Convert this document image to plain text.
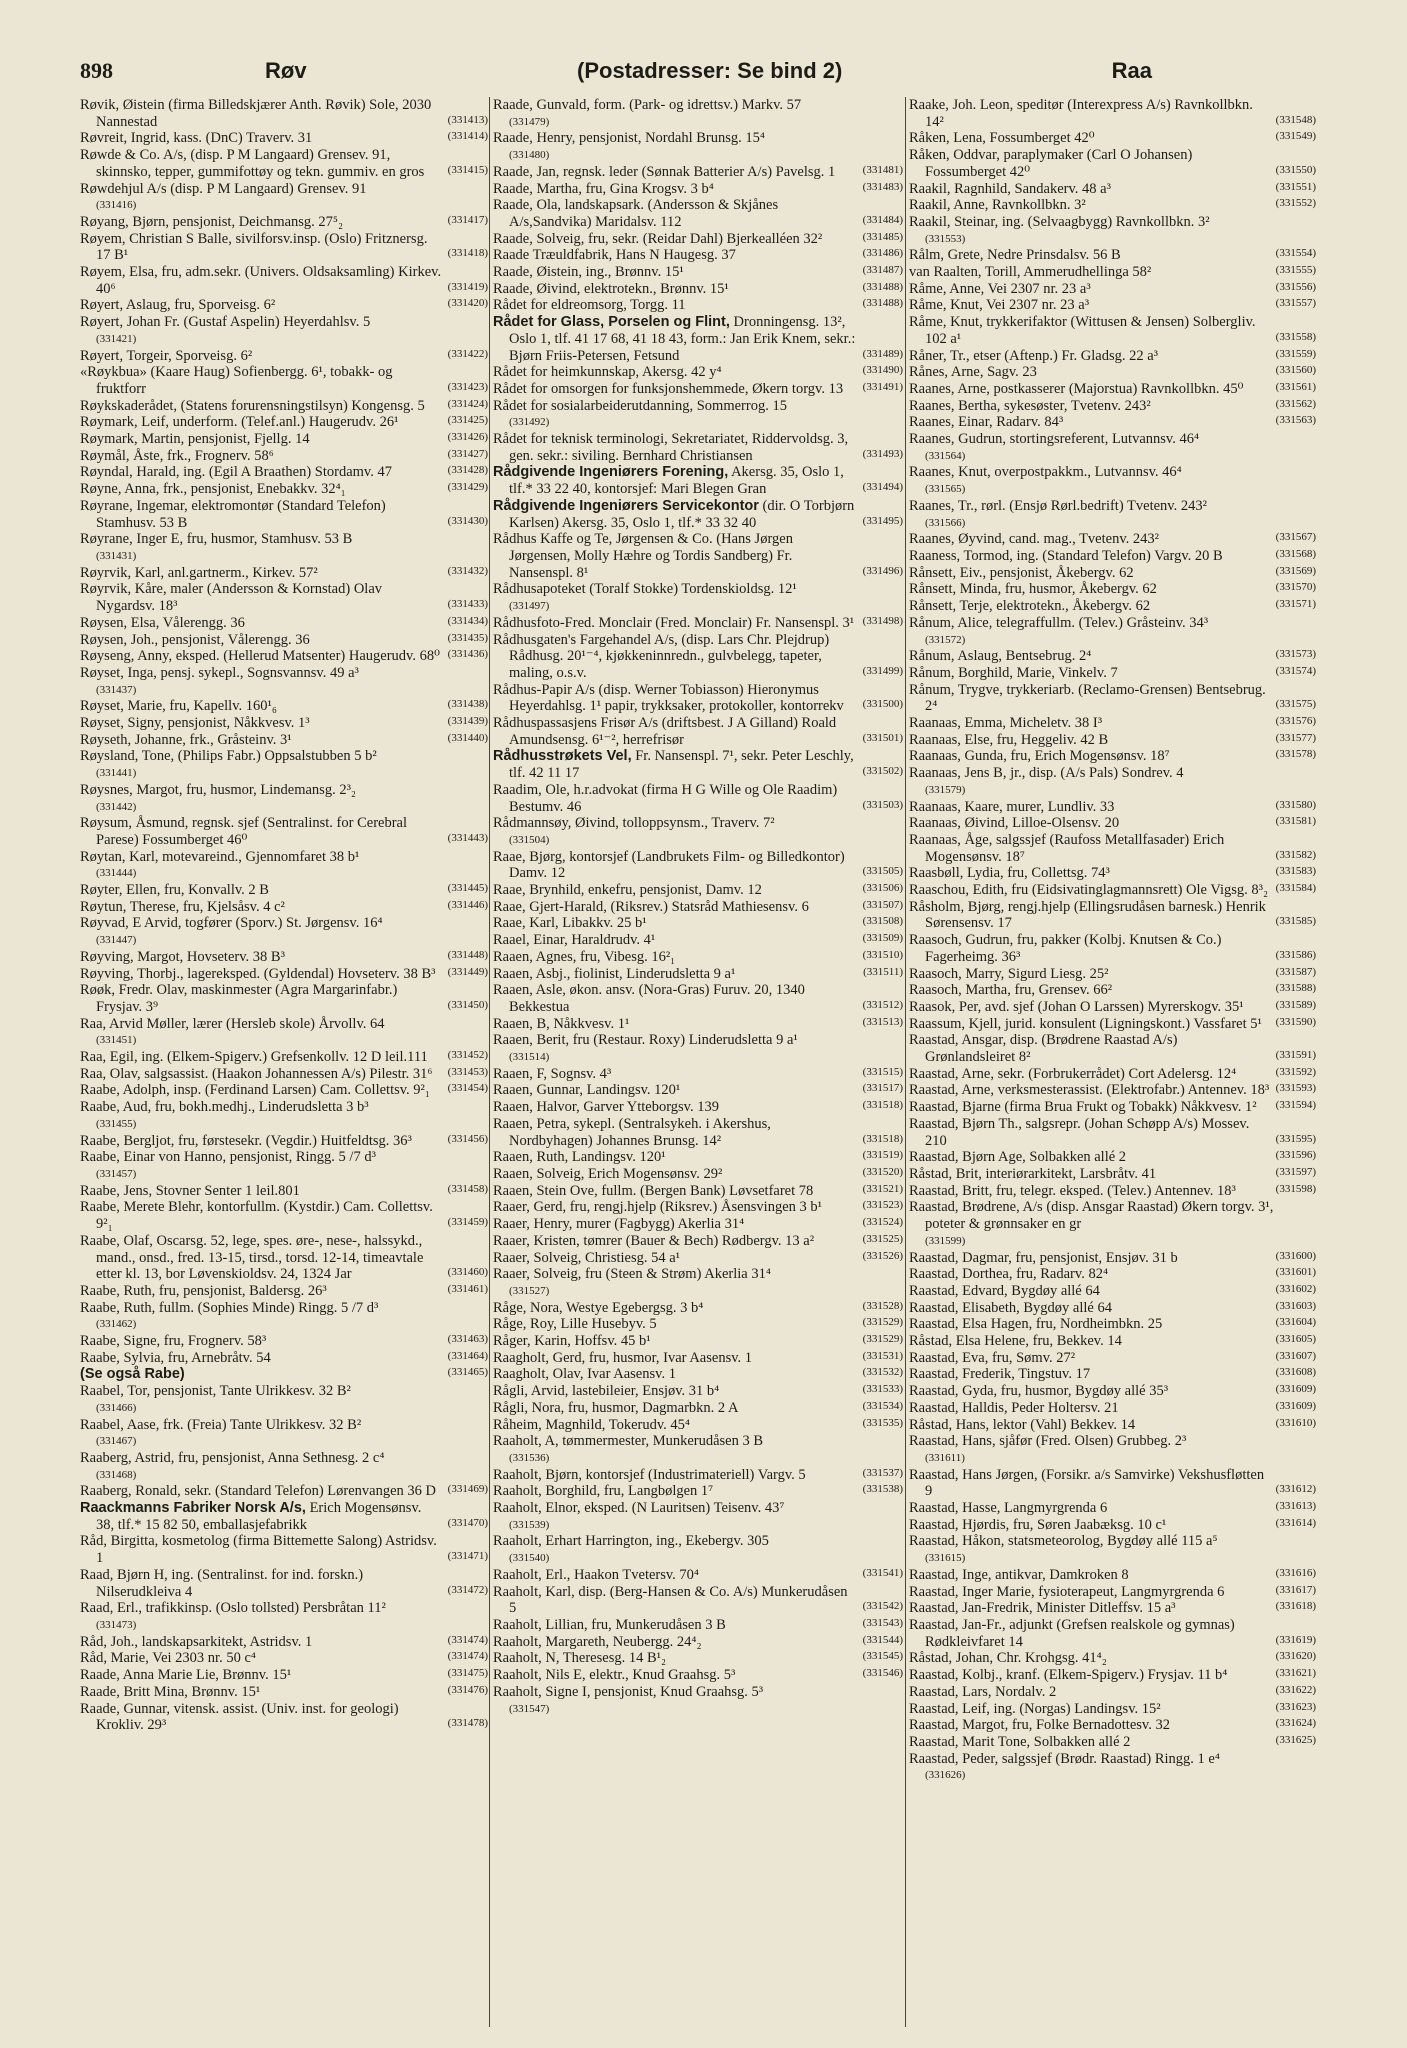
898	Røv	(Postadresser: Se bind 2)	Raa
Røvik, Øistein (firma Billedskjærer Anth. Røvik) Sole, 2030 Nannestad	(331413)
Røvreit, Ingrid, kass. (DnC) Traverv. 31	(331414)
Røwde & Co. A/s, (disp. P M Langaard) Grensev. 91, skinnsko, tepper, gummifottøy og tekn. gummiv. en gros (331415)
Røwdehjul A/s (disp. P M Langaard) Grensev. 91
(331416)
Røyang, Bjørn, pensjonist, Deichmansg. 27⁵₂	(331417)
Røyem, Christian S Balle, sivilforsv.insp. (Oslo) Fritznersg. 17 B¹	(331418)
Røyem, Elsa, fru, adm.sekr. (Univers. Oldsaksamling) Kirkev. 40⁶	(331419)
Røyert, Aslaug, fru, Sporveisg. 6²	(331420)
Røyert, Johan Fr. (Gustaf Aspelin) Heyerdahlsv. 5
(331421)
Røyert, Torgeir, Sporveisg. 6²	(331422)
«Røykbua» (Kaare Haug) Sofienbergg. 6¹, tobakk- og fruktforr	(331423)
Røykskaderådet, (Statens forurensningstilsyn) Kongensg. 5 (331424)
Røymark, Leif, underform. (Telef.anl.) Haugerudv. 26¹	(331425)
Røymark, Martin, pensjonist, Fjellg. 14	(331426)
Røymål, Åste, frk., Frognerv. 58⁶	(331427)
Røyndal, Harald, ing. (Egil A Braathen) Stordamv. 47	(331428)
Røyne, Anna, frk., pensjonist, Enebakkv. 32⁴₁	(331429)
Røyrane, Ingemar, elektromontør (Standard Telefon) Stamhusv. 53 B	(331430)
Røyrane, Inger E, fru, husmor, Stamhusv. 53 B
(331431)
Røyrvik, Karl, anl.gartnerm., Kirkev. 57²	(331432)
Røyrvik, Kåre, maler (Andersson & Kornstad) Olav Nygardsv. 18³	(331433)
Røysen, Elsa, Vålerengg. 36	(331434)
Røysen, Joh., pensjonist, Vålerengg. 36	(331435)
Røyseng, Anny, eksped. (Hellerud Matsenter) Haugerudv. 68⁰ (331436)
Røyset, Inga, pensj. sykepl., Sognsvannsv. 49 a³
(331437)
Røyset, Marie, fru, Kapellv. 160¹₆	(331438)
Røyset, Signy, pensjonist, Nåkkvesv. 1³	(331439)
Røyseth, Johanne, frk., Gråsteinv. 3¹	(331440)
Røysland, Tone, (Philips Fabr.) Oppsalstubben 5 b²
(331441)
Røysnes, Margot, fru, husmor, Lindemansg. 2³₂
(331442)
Røysum, Åsmund, regnsk. sjef (Sentralinst. for Cerebral Parese) Fossumberget 46⁰	(331443)
Røytan, Karl, motevareind., Gjennomfaret 38 b¹
(331444)
Røyter, Ellen, fru, Konvallv. 2 B	(331445)
Røytun, Therese, fru, Kjelsåsv. 4 c²	(331446)
Røyvad, E Arvid, togfører (Sporv.) St. Jørgensv. 16⁴
(331447)
Røyving, Margot, Hovseterv. 38 B³	(331448)
Røyving, Thorbj., lagereksped. (Gyldendal) Hovseterv. 38 B³ (331449)
Røøk, Fredr. Olav, maskinmester (Agra Margarinfabr.) Frysjav. 3⁹	(331450)
Raa, Arvid Møller, lærer (Hersleb skole) Årvollv. 64
(331451)
Raa, Egil, ing. (Elkem-Spigerv.) Grefsenkollv. 12 D leil.111 (331452)
Raa, Olav, salgsassist. (Haakon Johannessen A/s) Pilestr. 31⁶ (331453)
Raabe, Adolph, insp. (Ferdinand Larsen) Cam. Collettsv. 9²₁ (331454)
Raabe, Aud, fru, bokh.medhj., Linderudsletta 3 b³
(331455)
Raabe, Bergljot, fru, førstesekr. (Vegdir.) Huitfeldtsg. 36³	(331456)
Raabe, Einar von Hanno, pensjonist, Ringg. 5 /7 d³
(331457)
Raabe, Jens, Stovner Senter 1 leil.801	(331458)
Raabe, Merete Blehr, kontorfullm. (Kystdir.) Cam. Collettsv. 9²₁	(331459)
Raabe, Olaf, Oscarsg. 52, lege, spes. øre-, nese-, halssykd., mand., onsd., fred. 13-15, tirsd., torsd. 12-14, timeavtale etter kl. 13, bor Løvenskioldsv. 24, 1324 Jar	(331460)
Raabe, Ruth, fru, pensjonist, Baldersg. 26³	(331461)
Raabe, Ruth, fullm. (Sophies Minde) Ringg. 5 /7 d³
(331462)
Raabe, Signe, fru, Frognerv. 58³	(331463)
Raabe, Sylvia, fru, Arnebråtv. 54	(331464)
(Se også Rabe)	(331465)
Raabel, Tor, pensjonist, Tante Ulrikkesv. 32 B²
(331466)
Raabel, Aase, frk. (Freia) Tante Ulrikkesv. 32 B²
(331467)
Raaberg, Astrid, fru, pensjonist, Anna Sethnesg. 2 c⁴
(331468)
Raaberg, Ronald, sekr. (Standard Telefon) Lørenvangen 36 D (331469)
Raackmanns Fabriker Norsk A/s, Erich Mogensønsv. 38, tlf.* 15 82 50, emballasjefabrikk	(331470)
Råd, Birgitta, kosmetolog (firma Bittemette Salong) Astridsv. 1	(331471)
Raad, Bjørn H, ing. (Sentralinst. for ind. forskn.) Nilserudkleiva 4	(331472)
Raad, Erl., trafikkinsp. (Oslo tollsted) Persbråtan 11²
(331473)
Råd, Joh., landskapsarkitekt, Astridsv. 1	(331474)
Råd, Marie, Vei 2303 nr. 50 c⁴	(331474)
Raade, Anna Marie Lie, Brønnv. 15¹	(331475)
Raade, Britt Mina, Brønnv. 15¹	(331476)
Raade, Gunnar, vitensk. assist. (Univ. inst. for geologi) Krokliv. 29³	(331478)
Raade, Gunvald, form. (Park- og idrettsv.) Markv. 57
(331479)
Raade, Henry, pensjonist, Nordahl Brunsg. 15⁴
(331480)
Raade, Jan, regnsk. leder (Sønnak Batterier A/s) Pavelsg. 1 (331481)
Raade, Martha, fru, Gina Krogsv. 3 b⁴	(331483)
Raade, Ola, landskapsark. (Andersson & Skjånes A/s,Sandvika) Maridalsv. 112	(331484)
Raade, Solveig, fru, sekr. (Reidar Dahl) Bjerkealléen 32²	(331485)
Raade Træuldfabrik, Hans N Haugesg. 37	(331486)
Raade, Øistein, ing., Brønnv. 15¹	(331487)
Raade, Øivind, elektrotekn., Brønnv. 15¹	(331488)
Rådet for eldreomsorg, Torgg. 11	(331488)
Rådet for Glass, Porselen og Flint, Dronningensg. 13², Oslo 1, tlf. 41 17 68, 41 18 43, form.: Jan Erik Knem, sekr.: Bjørn Friis-Petersen, Fetsund	(331489)
Rådet for heimkunnskap, Akersg. 42 y⁴	(331490)
Rådet for omsorgen for funksjonshemmede, Økern torgv. 13 (331491)
Rådet for sosialarbeiderutdanning, Sommerrog. 15
(331492)
Rådet for teknisk terminologi, Sekretariatet, Riddervoldsg. 3, gen. sekr.: siviling. Bernhard Christiansen	(331493)
Rådgivende Ingeniørers Forening, Akersg. 35, Oslo 1, tlf.* 33 22 40, kontorsjef: Mari Blegen Gran	(331494)
Rådgivende Ingeniørers Servicekontor (dir. O Torbjørn Karlsen) Akersg. 35, Oslo 1, tlf.* 33 32 40	(331495)
Rådhus Kaffe og Te, Jørgensen & Co. (Hans Jørgen Jørgensen, Molly Hæhre og Tordis Sandberg) Fr. Nansenspl. 8¹	(331496)
Rådhusapoteket (Toralf Stokke) Tordenskioldsg. 12¹
(331497)
Rådhusfoto-Fred. Monclair (Fred. Monclair) Fr. Nansenspl. 3¹ (331498)
Rådhusgaten's Fargehandel A/s, (disp. Lars Chr. Plejdrup) Rådhusg. 20¹⁻⁴, kjøkkeninnredn., gulvbelegg, tapeter, maling, o.s.v.	(331499)
Rådhus-Papir A/s (disp. Werner Tobiasson) Hieronymus Heyerdahlsg. 1¹ papir, trykksaker, protokoller, kontorrekv (331500)
Rådhuspassasjens Frisør A/s (driftsbest. J A Gilland) Roald Amundsensg. 6¹⁻², herrefrisør	(331501)
Rådhusstrøkets Vel, Fr. Nansenspl. 7¹, sekr. Peter Leschly, tlf. 42 11 17	(331502)
Raadim, Ole, h.r.advokat (firma H G Wille og Ole Raadim) Bestumv. 46	(331503)
Rådmannsøy, Øivind, tolloppsynsm., Traverv. 7²
(331504)
Raae, Bjørg, kontorsjef (Landbrukets Film- og Billedkontor) Damv. 12	(331505)
Raae, Brynhild, enkefru, pensjonist, Damv. 12	(331506)
Raae, Gjert-Harald, (Riksrev.) Statsråd Mathiesensv. 6	(331507)
Raae, Karl, Libakkv. 25 b¹	(331508)
Raael, Einar, Haraldrudv. 4¹	(331509)
Raaen, Agnes, fru, Vibesg. 16²₁	(331510)
Raaen, Asbj., fiolinist, Linderudsletta 9 a¹	(331511)
Raaen, Asle, økon. ansv. (Nora-Gras) Furuv. 20, 1340 Bekkestua	(331512)
Raaen, B, Nåkkvesv. 1¹	(331513)
Raaen, Berit, fru (Restaur. Roxy) Linderudsletta 9 a¹
(331514)
Raaen, F, Sognsv. 4³	(331515)
Raaen, Gunnar, Landingsv. 120¹	(331517)
Raaen, Halvor, Garver Ytteborgsv. 139	(331518)
Raaen, Petra, sykepl. (Sentralsykeh. i Akershus, Nordbyhagen) Johannes Brunsg. 14²	(331518)
Raaen, Ruth, Landingsv. 120¹	(331519)
Raaen, Solveig, Erich Mogensønsv. 29²	(331520)
Raaen, Stein Ove, fullm. (Bergen Bank) Løvsetfaret 78	(331521)
Raaer, Gerd, fru, rengj.hjelp (Riksrev.) Åsensvingen 3 b¹	(331523)
Raaer, Henry, murer (Fagbygg) Akerlia 31⁴	(331524)
Raaer, Kristen, tømrer (Bauer & Bech) Rødbergv. 13 a²	(331525)
Raaer, Solveig, Christiesg. 54 a¹	(331526)
Raaer, Solveig, fru (Steen & Strøm) Akerlia 31⁴
(331527)
Råge, Nora, Westye Egebergsg. 3 b⁴	(331528)
Råge, Roy, Lille Husebyv. 5	(331529)
Råger, Karin, Hoffsv. 45 b¹	(331529)
Raagholt, Gerd, fru, husmor, Ivar Aasensv. 1	(331531)
Raagholt, Olav, Ivar Aasensv. 1	(331532)
Rågli, Arvid, lastebileier, Ensjøv. 31 b⁴	(331533)
Rågli, Nora, fru, husmor, Dagmarbkn. 2 A	(331534)
Råheim, Magnhild, Tokerudv. 45⁴	(331535)
Raaholt, A, tømmermester, Munkerudåsen 3 B
(331536)
Raaholt, Bjørn, kontorsjef (Industrimateriell) Vargv. 5	(331537)
Raaholt, Borghild, fru, Langbølgen 1⁷	(331538)
Raaholt, Elnor, eksped. (N Lauritsen) Teisenv. 43⁷
(331539)
Raaholt, Erhart Harrington, ing., Ekebergv. 305
(331540)
Raaholt, Erl., Haakon Tvetersv. 70⁴	(331541)
Raaholt, Karl, disp. (Berg-Hansen & Co. A/s) Munkerudåsen 5	(331542)
Raaholt, Lillian, fru, Munkerudåsen 3 B	(331543)
Raaholt, Margareth, Neubergg. 24⁴₂	(331544)
Raaholt, N, Theresesg. 14 B¹₂	(331545)
Raaholt, Nils E, elektr., Knud Graahsg. 5³	(331546)
Raaholt, Signe I, pensjonist, Knud Graahsg. 5³
(331547)
Raake, Joh. Leon, speditør (Interexpress A/s) Ravnkollbkn. 14²	(331548)
Råken, Lena, Fossumberget 42⁰	(331549)
Råken, Oddvar, paraplymaker (Carl O Johansen) Fossumberget 42⁰	(331550)
Raakil, Ragnhild, Sandakerv. 48 a³	(331551)
Raakil, Anne, Ravnkollbkn. 3²	(331552)
Raakil, Steinar, ing. (Selvaagbygg) Ravnkollbkn. 3²
(331553)
Rålm, Grete, Nedre Prinsdalsv. 56 B	(331554)
van Raalten, Torill, Ammerudhellinga 58²	(331555)
Råme, Anne, Vei 2307 nr. 23 a³	(331556)
Råme, Knut, Vei 2307 nr. 23 a³	(331557)
Råme, Knut, trykkerifaktor (Wittusen & Jensen) Solbergliv. 102 a¹	(331558)
Råner, Tr., etser (Aftenp.) Fr. Gladsg. 22 a³	(331559)
Rånes, Arne, Sagv. 23	(331560)
Raanes, Arne, postkasserer (Majorstua) Ravnkollbkn. 45⁰	(331561)
Raanes, Bertha, sykesøster, Tvetenv. 243²	(331562)
Raanes, Einar, Radarv. 84³	(331563)
Raanes, Gudrun, stortingsreferent, Lutvannsv. 46⁴
(331564)
Raanes, Knut, overpostpakkm., Lutvannsv. 46⁴
(331565)
Raanes, Tr., rørl. (Ensjø Rørl.bedrift) Tvetenv. 243²
(331566)
Raanes, Øyvind, cand. mag., Tvetenv. 243²	(331567)
Raaness, Tormod, ing. (Standard Telefon) Vargv. 20 B	(331568)
Rånsett, Eiv., pensjonist, Åkebergv. 62	(331569)
Rånsett, Minda, fru, husmor, Åkebergv. 62	(331570)
Rånsett, Terje, elektrotekn., Åkebergv. 62	(331571)
Rånum, Alice, telegraffullm. (Telev.) Gråsteinv. 34³
(331572)
Rånum, Aslaug, Bentsebrug. 2⁴	(331573)
Rånum, Borghild, Marie, Vinkelv. 7	(331574)
Rånum, Trygve, trykkeriarb. (Reclamo-Grensen) Bentsebrug. 2⁴	(331575)
Raanaas, Emma, Micheletv. 38 I³	(331576)
Raanaas, Else, fru, Heggeliv. 42 B	(331577)
Raanaas, Gunda, fru, Erich Mogensønsv. 18⁷	(331578)
Raanaas, Jens B, jr., disp. (A/s Pals) Sondrev. 4
(331579)
Raanaas, Kaare, murer, Lundliv. 33	(331580)
Raanaas, Øivind, Lilloe-Olsensv. 20	(331581)
Raanaas, Åge, salgssjef (Raufoss Metallfasader) Erich Mogensønsv. 18⁷	(331582)
Raasbøll, Lydia, fru, Collettsg. 74³	(331583)
Raaschou, Edith, fru (Eidsivatinglagmannsrett) Ole Vigsg. 8³₂ (331584)
Råsholm, Bjørg, rengj.hjelp (Ellingsrudåsen barnesk.) Henrik Sørensensv. 17	(331585)
Raasoch, Gudrun, fru, pakker (Kolbj. Knutsen & Co.) Fagerheimg. 36³	(331586)
Raasoch, Marry, Sigurd Liesg. 25²	(331587)
Raasoch, Martha, fru, Grensev. 66²	(331588)
Raasok, Per, avd. sjef (Johan O Larssen) Myrerskogv. 35¹	(331589)
Raassum, Kjell, jurid. konsulent (Ligningskont.) Vassfaret 5¹ (331590)
Raastad, Ansgar, disp. (Brødrene Raastad A/s) Grønlandsleiret 8²	(331591)
Raastad, Arne, sekr. (Forbrukerrådet) Cort Adelersg. 12⁴	(331592)
Raastad, Arne, verksmesterassist. (Elektrofabr.) Antennev. 18³ (331593)
Raastad, Bjarne (firma Brua Frukt og Tobakk) Nåkkvesv. 1² (331594)
Raastad, Bjørn Th., salgsrepr. (Johan Schøpp A/s) Mossev. 210	(331595)
Raastad, Bjørn Age, Solbakken allé 2	(331596)
Råstad, Brit, interiørarkitekt, Larsbråtv. 41	(331597)
Raastad, Britt, fru, telegr. eksped. (Telev.) Antennev. 18³	(331598)
Raastad, Brødrene, A/s (disp. Ansgar Raastad) Økern torgv. 3¹, poteter & grønnsaker en gr
(331599)
Raastad, Dagmar, fru, pensjonist, Ensjøv. 31 b	(331600)
Raastad, Dorthea, fru, Radarv. 82⁴	(331601)
Raastad, Edvard, Bygdøy allé 64	(331602)
Raastad, Elisabeth, Bygdøy allé 64	(331603)
Raastad, Elsa Hagen, fru, Nordheimbkn. 25	(331604)
Råstad, Elsa Helene, fru, Bekkev. 14	(331605)
Raastad, Eva, fru, Sømv. 27²	(331607)
Raastad, Frederik, Tingstuv. 17	(331608)
Raastad, Gyda, fru, husmor, Bygdøy allé 35³	(331609)
Raastad, Halldis, Peder Holtersv. 21	(331609)
Råstad, Hans, lektor (Vahl) Bekkev. 14	(331610)
Raastad, Hans, sjåfør (Fred. Olsen) Grubbeg. 2³
(331611)
Raastad, Hans Jørgen, (Forsikr. a/s Samvirke) Vekshusfløtten 9	(331612)
Raastad, Hasse, Langmyrgrenda 6	(331613)
Raastad, Hjørdis, fru, Søren Jaabæksg. 10 c¹	(331614)
Raastad, Håkon, statsmeteorolog, Bygdøy allé 115 a⁵
(331615)
Raastad, Inge, antikvar, Damkroken 8	(331616)
Raastad, Inger Marie, fysioterapeut, Langmyrgrenda 6	(331617)
Raastad, Jan-Fredrik, Minister Ditleffsv. 15 a³	(331618)
Raastad, Jan-Fr., adjunkt (Grefsen realskole og gymnas) Rødkleivfaret 14	(331619)
Råstad, Johan, Chr. Krohgsg. 41⁴₂	(331620)
Raastad, Kolbj., kranf. (Elkem-Spigerv.) Frysjav. 11 b⁴	(331621)
Raastad, Lars, Nordalv. 2	(331622)
Raastad, Leif, ing. (Norgas) Landingsv. 15²	(331623)
Raastad, Margot, fru, Folke Bernadottesv. 32	(331624)
Raastad, Marit Tone, Solbakken allé 2	(331625)
Raastad, Peder, salgssjef (Brødr. Raastad) Ringg. 1 e⁴
(331626)
